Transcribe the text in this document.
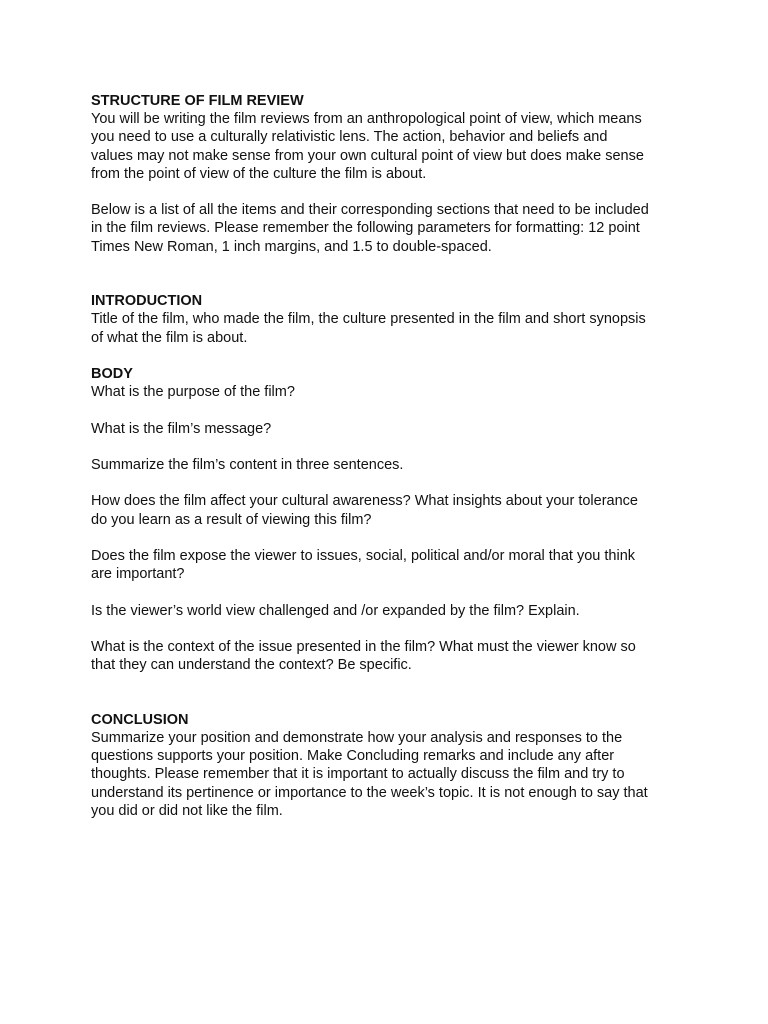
STRUCTURE OF FILM REVIEW

You will be writing the film reviews from an anthropological point of view, which means

you need to use a culturally relativistic lens. The action, behavior and beliefs and

values may not make sense from your own cultural point of view but does make sense

from the point of view of the culture the film is about.

Below is a list of all the items and their corresponding sections that need to be included

in the film reviews. Please remember the following parameters for formatting: 12 point

Times New Roman, 1 inch margins, and 1.5 to double-spaced.

INTRODUCTION

Title of the film, who made the film, the culture presented in the film and short synopsis

of what the film is about.

BODY

What is the purpose of the film?

What is the film’s message?

Summarize the film’s content in three sentences.

How does the film affect your cultural awareness? What insights about your tolerance

do you learn as a result of viewing this film?

Does the film expose the viewer to issues, social, political and/or moral that you think

are important?

Is the viewer’s world view challenged and /or expanded by the film? Explain.

What is the context of the issue presented in the film? What must the viewer know so

that they can understand the context? Be specific.

CONCLUSION

Summarize your position and demonstrate how your analysis and responses to the

questions supports your position. Make Concluding remarks and include any after

thoughts. Please remember that it is important to actually discuss the film and try to

understand its pertinence or importance to the week’s topic. It is not enough to say that

you did or did not like the film.
